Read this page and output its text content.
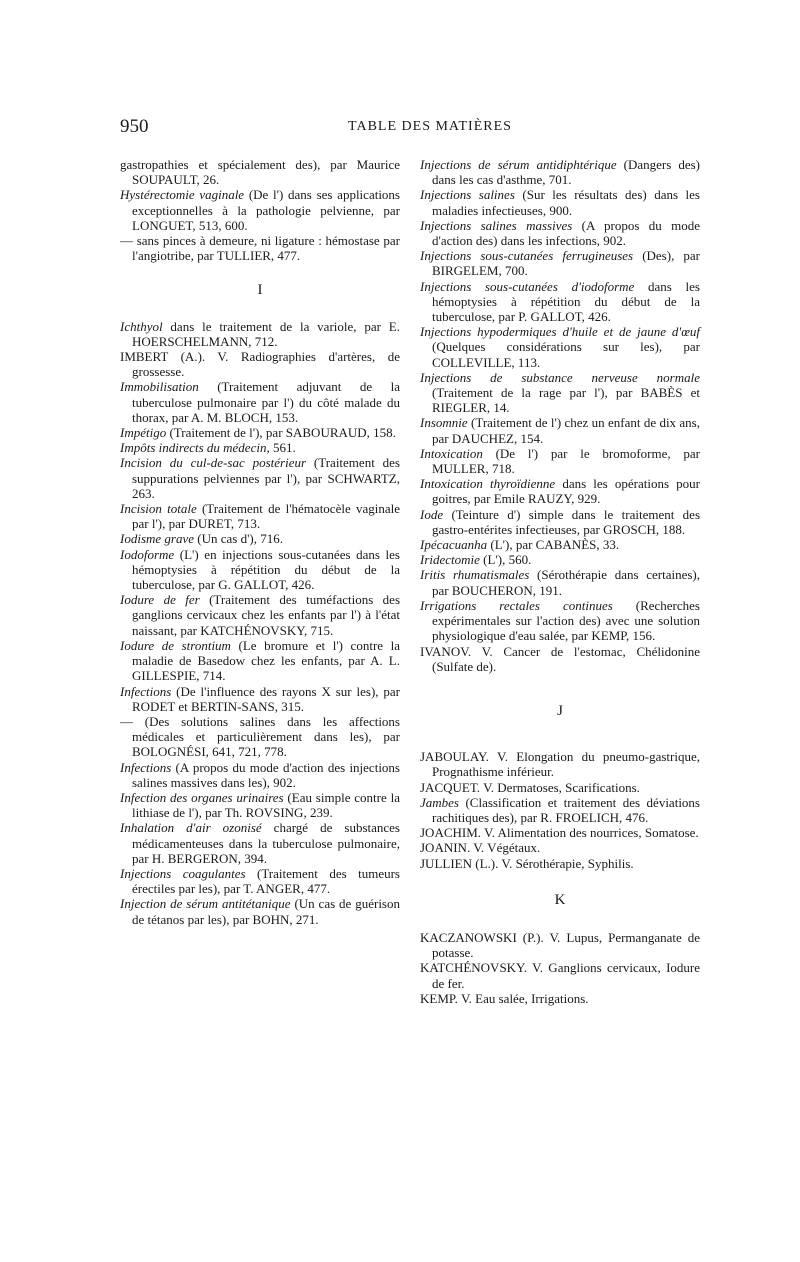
950	TABLE DES MATIÈRES

gastropathies et spécialement des), par Maurice SOUPAULT, 26.

Hystérectomie vaginale (De l') dans ses applications exceptionnelles à la pathologie pelvienne, par LONGUET, 513, 600.

— sans pinces à demeure, ni ligature : hémostase par l'angiotribe, par TULLIER, 477.

I

Ichthyol dans le traitement de la variole, par E. HOERSCHELMANN, 712.

IMBERT (A.). V. Radiographies d'artères, de grossesse.

Immobilisation (Traitement adjuvant de la tuberculose pulmonaire par l') du côté malade du thorax, par A. M. BLOCH, 153.

Impétigo (Traitement de l'), par SABOURAUD, 158.

Impôts indirects du médecin, 561.

Incision du cul-de-sac postérieur (Traitement des suppurations pelviennes par l'), par SCHWARTZ, 263.

Incision totale (Traitement de l'hématocèle vaginale par l'), par DURET, 713.

Iodisme grave (Un cas d'), 716.

Iodoforme (L') en injections sous-cutanées dans les hémoptysies à répétition du début de la tuberculose, par G. GALLOT, 426.

Iodure de fer (Traitement des tuméfactions des ganglions cervicaux chez les enfants par l') à l'état naissant, par KATCHÉNOVSKY, 715.

Iodure de strontium (Le bromure et l') contre la maladie de Basedow chez les enfants, par A. L. GILLESPIE, 714.

Infections (De l'influence des rayons X sur les), par RODET et BERTIN-SANS, 315.

— (Des solutions salines dans les affections médicales et particulièrement dans les), par BOLOGNÉSI, 641, 721, 778.

Infections (A propos du mode d'action des injections salines massives dans les), 902.

Infection des organes urinaires (Eau simple contre la lithiase de l'), par Th. ROVSING, 239.

Inhalation d'air ozonisé chargé de substances médicamenteuses dans la tuberculose pulmonaire, par H. BERGERON, 394.

Injections coagulantes (Traitement des tumeurs érectiles par les), par T. ANGER, 477.

Injection de sérum antitétanique (Un cas de guérison de tétanos par les), par BOHN, 271.

Injections de sérum antidiphtérique (Dangers des) dans les cas d'asthme, 701.

Injections salines (Sur les résultats des) dans les maladies infectieuses, 900.

Injections salines massives (A propos du mode d'action des) dans les infections, 902.

Injections sous-cutanées ferrugineuses (Des), par BIRGELEM, 700.

Injections sous-cutanées d'iodoforme dans les hémoptysies à répétition du début de la tuberculose, par P. GALLOT, 426.

Injections hypodermiques d'huile et de jaune d'œuf (Quelques considérations sur les), par COLLEVILLE, 113.

Injections de substance nerveuse normale (Traitement de la rage par l'), par BABÈS et RIEGLER, 14.

Insomnie (Traitement de l') chez un enfant de dix ans, par DAUCHEZ, 154.

Intoxication (De l') par le bromoforme, par MULLER, 718.

Intoxication thyroïdienne dans les opérations pour goitres, par Emile RAUZY, 929.

Iode (Teinture d') simple dans le traitement des gastro-entérites infectieuses, par GROSCH, 188.

Ipécacuanha (L'), par CABANÈS, 33.

Iridectomie (L'), 560.

Iritis rhumatismales (Sérothérapie dans certaines), par BOUCHERON, 191.

Irrigations rectales continues (Recherches expérimentales sur l'action des) avec une solution physiologique d'eau salée, par KEMP, 156.

IVANOV. V. Cancer de l'estomac, Chélidonine (Sulfate de).

J

JABOULAY. V. Elongation du pneumo-gastrique, Prognathisme inférieur.

JACQUET. V. Dermatoses, Scarifications.

Jambes (Classification et traitement des déviations rachitiques des), par R. FROELICH, 476.

JOACHIM. V. Alimentation des nourrices, Somatose.

JOANIN. V. Végétaux.

JULLIEN (L.). V. Sérothérapie, Syphilis.

K

KACZANOWSKI (P.). V. Lupus, Permanganate de potasse.

KATCHÉNOVSKY. V. Ganglions cervicaux, Iodure de fer.

KEMP. V. Eau salée, Irrigations.
